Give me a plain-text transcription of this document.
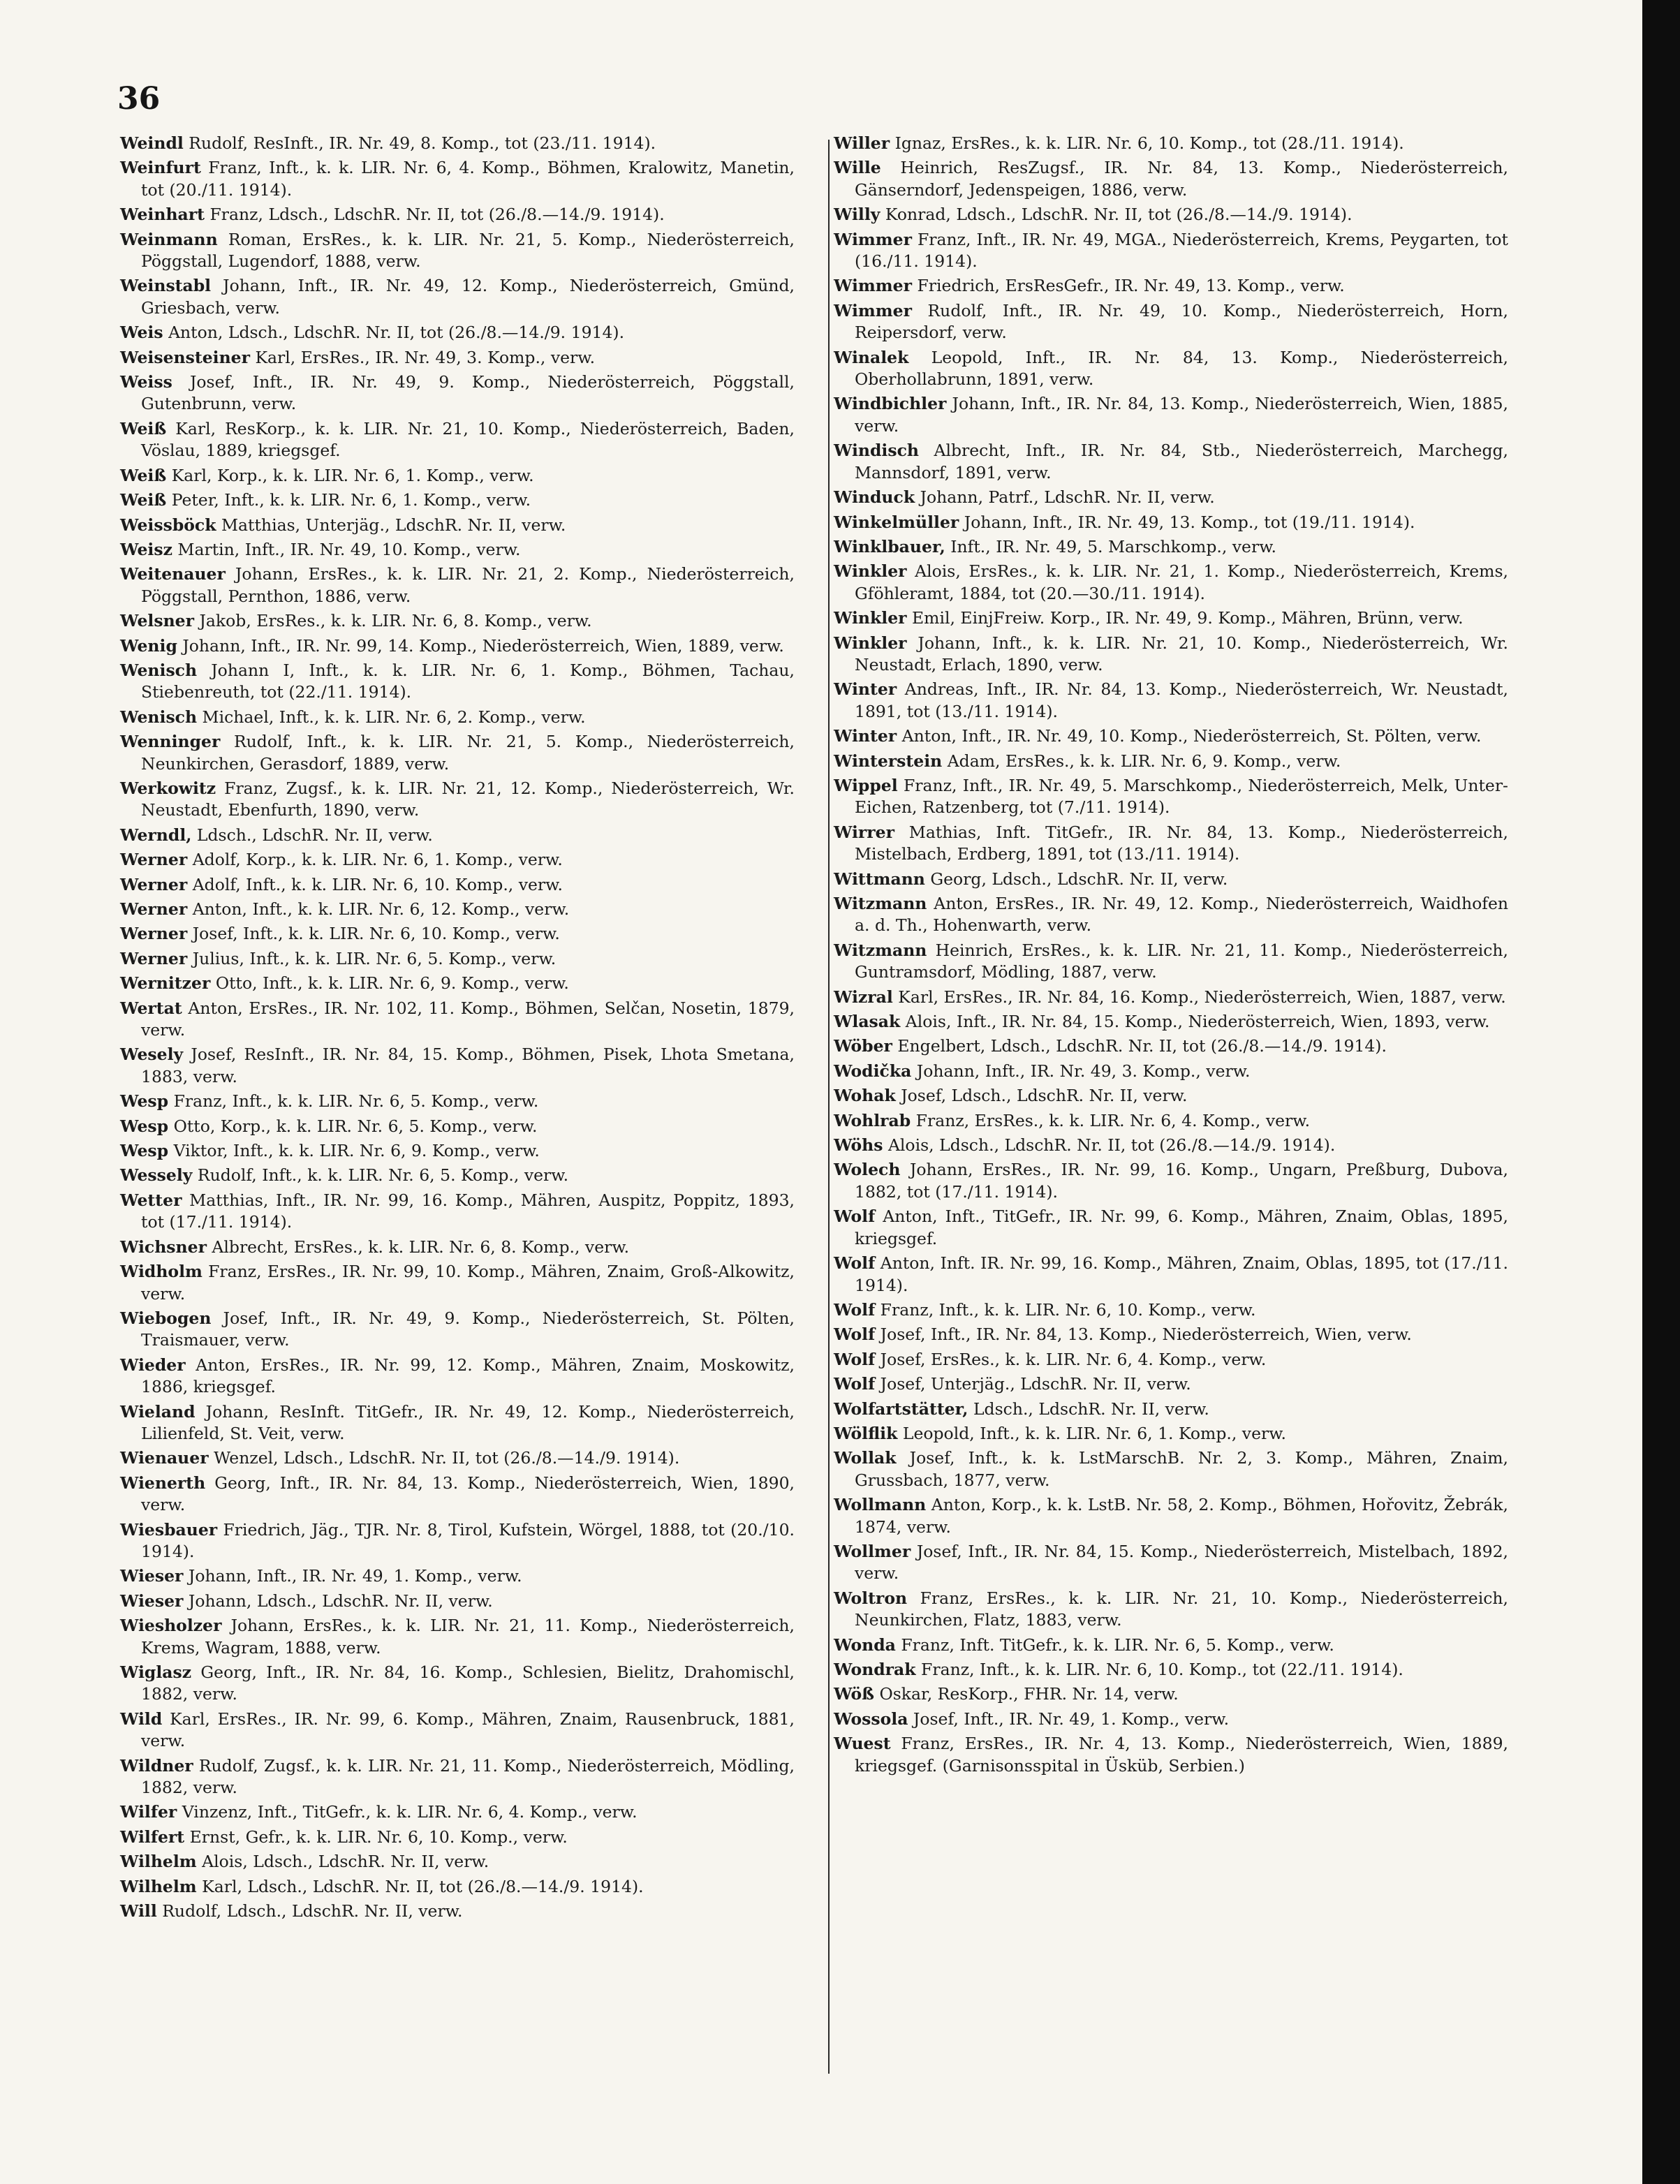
36

Weindl Rudolf, ResInft., IR. Nr. 49, 8. Komp., tot (23./11. 1914).

Weinfurt Franz, Inft., k. k. LIR. Nr. 6, 4. Komp., Böhmen, Kralowitz, Manetin, tot (20./11. 1914).

Weinhart Franz, Ldsch., LdschR. Nr. II, tot (26./8.—14./9. 1914).

Weinmann Roman, ErsRes., k. k. LIR. Nr. 21, 5. Komp., Niederösterreich, Pöggstall, Lugendorf, 1888, verw.

Weinstabl Johann, Inft., IR. Nr. 49, 12. Komp., Niederösterreich, Gmünd, Griesbach, verw.

Weis Anton, Ldsch., LdschR. Nr. II, tot (26./8.—14./9. 1914).

Weisensteiner Karl, ErsRes., IR. Nr. 49, 3. Komp., verw.

Weiss Josef, Inft., IR. Nr. 49, 9. Komp., Niederösterreich, Pöggstall, Gutenbrunn, verw.

Weiß Karl, ResKorp., k. k. LIR. Nr. 21, 10. Komp., Niederösterreich, Baden, Vöslau, 1889, kriegsgef.

Weiß Karl, Korp., k. k. LIR. Nr. 6, 1. Komp., verw.

Weiß Peter, Inft., k. k. LIR. Nr. 6, 1. Komp., verw.

Weissböck Matthias, Unterjäg., LdschR. Nr. II, verw.

Weisz Martin, Inft., IR. Nr. 49, 10. Komp., verw.

Weitenauer Johann, ErsRes., k. k. LIR. Nr. 21, 2. Komp., Niederösterreich, Pöggstall, Pernthon, 1886, verw.

Welsner Jakob, ErsRes., k. k. LIR. Nr. 6, 8. Komp., verw.

Wenig Johann, Inft., IR. Nr. 99, 14. Komp., Niederösterreich, Wien, 1889, verw.

Wenisch Johann I, Inft., k. k. LIR. Nr. 6, 1. Komp., Böhmen, Tachau, Stiebenreuth, tot (22./11. 1914).

Wenisch Michael, Inft., k. k. LIR. Nr. 6, 2. Komp., verw.

Wenninger Rudolf, Inft., k. k. LIR. Nr. 21, 5. Komp., Niederösterreich, Neunkirchen, Gerasdorf, 1889, verw.

Werkowitz Franz, Zugsf., k. k. LIR. Nr. 21, 12. Komp., Niederösterreich, Wr. Neustadt, Ebenfurth, 1890, verw.

Werndl, Ldsch., LdschR. Nr. II, verw.

Werner Adolf, Korp., k. k. LIR. Nr. 6, 1. Komp., verw.

Werner Adolf, Inft., k. k. LIR. Nr. 6, 10. Komp., verw.

Werner Anton, Inft., k. k. LIR. Nr. 6, 12. Komp., verw.

Werner Josef, Inft., k. k. LIR. Nr. 6, 10. Komp., verw.

Werner Julius, Inft., k. k. LIR. Nr. 6, 5. Komp., verw.

Wernitzer Otto, Inft., k. k. LIR. Nr. 6, 9. Komp., verw.

Wertat Anton, ErsRes., IR. Nr. 102, 11. Komp., Böhmen, Selčan, Nosetin, 1879, verw.

Wesely Josef, ResInft., IR. Nr. 84, 15. Komp., Böhmen, Pisek, Lhota Smetana, 1883, verw.

Wesp Franz, Inft., k. k. LIR. Nr. 6, 5. Komp., verw.

Wesp Otto, Korp., k. k. LIR. Nr. 6, 5. Komp., verw.

Wesp Viktor, Inft., k. k. LIR. Nr. 6, 9. Komp., verw.

Wessely Rudolf, Inft., k. k. LIR. Nr. 6, 5. Komp., verw.

Wetter Matthias, Inft., IR. Nr. 99, 16. Komp., Mähren, Auspitz, Poppitz, 1893, tot (17./11. 1914).

Wichsner Albrecht, ErsRes., k. k. LIR. Nr. 6, 8. Komp., verw.

Widholm Franz, ErsRes., IR. Nr. 99, 10. Komp., Mähren, Znaim, Groß-Alkowitz, verw.

Wiebogen Josef, Inft., IR. Nr. 49, 9. Komp., Niederösterreich, St. Pölten, Traismauer, verw.

Wieder Anton, ErsRes., IR. Nr. 99, 12. Komp., Mähren, Znaim, Moskowitz, 1886, kriegsgef.

Wieland Johann, ResInft. TitGefr., IR. Nr. 49, 12. Komp., Niederösterreich, Lilienfeld, St. Veit, verw.

Wienauer Wenzel, Ldsch., LdschR. Nr. II, tot (26./8.—14./9. 1914).

Wienerth Georg, Inft., IR. Nr. 84, 13. Komp., Niederösterreich, Wien, 1890, verw.

Wiesbauer Friedrich, Jäg., TJR. Nr. 8, Tirol, Kufstein, Wörgel, 1888, tot (20./10. 1914).

Wieser Johann, Inft., IR. Nr. 49, 1. Komp., verw.

Wieser Johann, Ldsch., LdschR. Nr. II, verw.

Wiesholzer Johann, ErsRes., k. k. LIR. Nr. 21, 11. Komp., Niederösterreich, Krems, Wagram, 1888, verw.

Wiglasz Georg, Inft., IR. Nr. 84, 16. Komp., Schlesien, Bielitz, Drahomischl, 1882, verw.

Wild Karl, ErsRes., IR. Nr. 99, 6. Komp., Mähren, Znaim, Rausenbruck, 1881, verw.

Wildner Rudolf, Zugsf., k. k. LIR. Nr. 21, 11. Komp., Niederösterreich, Mödling, 1882, verw.

Wilfer Vinzenz, Inft., TitGefr., k. k. LIR. Nr. 6, 4. Komp., verw.

Wilfert Ernst, Gefr., k. k. LIR. Nr. 6, 10. Komp., verw.

Wilhelm Alois, Ldsch., LdschR. Nr. II, verw.

Wilhelm Karl, Ldsch., LdschR. Nr. II, tot (26./8.—14./9. 1914).

Will Rudolf, Ldsch., LdschR. Nr. II, verw.

Willer Ignaz, ErsRes., k. k. LIR. Nr. 6, 10. Komp., tot (28./11. 1914).

Wille Heinrich, ResZugsf., IR. Nr. 84, 13. Komp., Niederösterreich, Gänserndorf, Jedenspeigen, 1886, verw.

Willy Konrad, Ldsch., LdschR. Nr. II, tot (26./8.—14./9. 1914).

Wimmer Franz, Inft., IR. Nr. 49, MGA., Niederösterreich, Krems, Peygarten, tot (16./11. 1914).

Wimmer Friedrich, ErsResGefr., IR. Nr. 49, 13. Komp., verw.

Wimmer Rudolf, Inft., IR. Nr. 49, 10. Komp., Niederösterreich, Horn, Reipersdorf, verw.

Winalek Leopold, Inft., IR. Nr. 84, 13. Komp., Niederösterreich, Oberhollabrunn, 1891, verw.

Windbichler Johann, Inft., IR. Nr. 84, 13. Komp., Niederösterreich, Wien, 1885, verw.

Windisch Albrecht, Inft., IR. Nr. 84, Stb., Niederösterreich, Marchegg, Mannsdorf, 1891, verw.

Winduck Johann, Patrf., LdschR. Nr. II, verw.

Winkelmüller Johann, Inft., IR. Nr. 49, 13. Komp., tot (19./11. 1914).

Winklbauer, Inft., IR. Nr. 49, 5. Marschkomp., verw.

Winkler Alois, ErsRes., k. k. LIR. Nr. 21, 1. Komp., Niederösterreich, Krems, Gföhleramt, 1884, tot (20.—30./11. 1914).

Winkler Emil, EinjFreiw. Korp., IR. Nr. 49, 9. Komp., Mähren, Brünn, verw.

Winkler Johann, Inft., k. k. LIR. Nr. 21, 10. Komp., Niederösterreich, Wr. Neustadt, Erlach, 1890, verw.

Winter Andreas, Inft., IR. Nr. 84, 13. Komp., Niederösterreich, Wr. Neustadt, 1891, tot (13./11. 1914).

Winter Anton, Inft., IR. Nr. 49, 10. Komp., Niederösterreich, St. Pölten, verw.

Winterstein Adam, ErsRes., k. k. LIR. Nr. 6, 9. Komp., verw.

Wippel Franz, Inft., IR. Nr. 49, 5. Marschkomp., Niederösterreich, Melk, Unter-Eichen, Ratzenberg, tot (7./11. 1914).

Wirrer Mathias, Inft. TitGefr., IR. Nr. 84, 13. Komp., Niederösterreich, Mistelbach, Erdberg, 1891, tot (13./11. 1914).

Wittmann Georg, Ldsch., LdschR. Nr. II, verw.

Witzmann Anton, ErsRes., IR. Nr. 49, 12. Komp., Niederösterreich, Waidhofen a. d. Th., Hohenwarth, verw.

Witzmann Heinrich, ErsRes., k. k. LIR. Nr. 21, 11. Komp., Niederösterreich, Guntramsdorf, Mödling, 1887, verw.

Wizral Karl, ErsRes., IR. Nr. 84, 16. Komp., Niederösterreich, Wien, 1887, verw.

Wlasak Alois, Inft., IR. Nr. 84, 15. Komp., Niederösterreich, Wien, 1893, verw.

Wöber Engelbert, Ldsch., LdschR. Nr. II, tot (26./8.—14./9. 1914).

Wodička Johann, Inft., IR. Nr. 49, 3. Komp., verw.

Wohak Josef, Ldsch., LdschR. Nr. II, verw.

Wohlrab Franz, ErsRes., k. k. LIR. Nr. 6, 4. Komp., verw.

Wöhs Alois, Ldsch., LdschR. Nr. II, tot (26./8.—14./9. 1914).

Wolech Johann, ErsRes., IR. Nr. 99, 16. Komp., Ungarn, Preßburg, Dubova, 1882, tot (17./11. 1914).

Wolf Anton, Inft., TitGefr., IR. Nr. 99, 6. Komp., Mähren, Znaim, Oblas, 1895, kriegsgef.

Wolf Anton, Inft. IR. Nr. 99, 16. Komp., Mähren, Znaim, Oblas, 1895, tot (17./11. 1914).

Wolf Franz, Inft., k. k. LIR. Nr. 6, 10. Komp., verw.

Wolf Josef, Inft., IR. Nr. 84, 13. Komp., Niederösterreich, Wien, verw.

Wolf Josef, ErsRes., k. k. LIR. Nr. 6, 4. Komp., verw.

Wolf Josef, Unterjäg., LdschR. Nr. II, verw.

Wolfartstätter, Ldsch., LdschR. Nr. II, verw.

Wölflik Leopold, Inft., k. k. LIR. Nr. 6, 1. Komp., verw.

Wollak Josef, Inft., k. k. LstMarschB. Nr. 2, 3. Komp., Mähren, Znaim, Grussbach, 1877, verw.

Wollmann Anton, Korp., k. k. LstB. Nr. 58, 2. Komp., Böhmen, Hořovitz, Žebrák, 1874, verw.

Wollmer Josef, Inft., IR. Nr. 84, 15. Komp., Niederösterreich, Mistelbach, 1892, verw.

Woltron Franz, ErsRes., k. k. LIR. Nr. 21, 10. Komp., Niederösterreich, Neunkirchen, Flatz, 1883, verw.

Wonda Franz, Inft. TitGefr., k. k. LIR. Nr. 6, 5. Komp., verw.

Wondrak Franz, Inft., k. k. LIR. Nr. 6, 10. Komp., tot (22./11. 1914).

Wöß Oskar, ResKorp., FHR. Nr. 14, verw.

Wossola Josef, Inft., IR. Nr. 49, 1. Komp., verw.

Wuest Franz, ErsRes., IR. Nr. 4, 13. Komp., Niederösterreich, Wien, 1889, kriegsgef. (Garnisonsspital in Üsküb, Serbien.)
